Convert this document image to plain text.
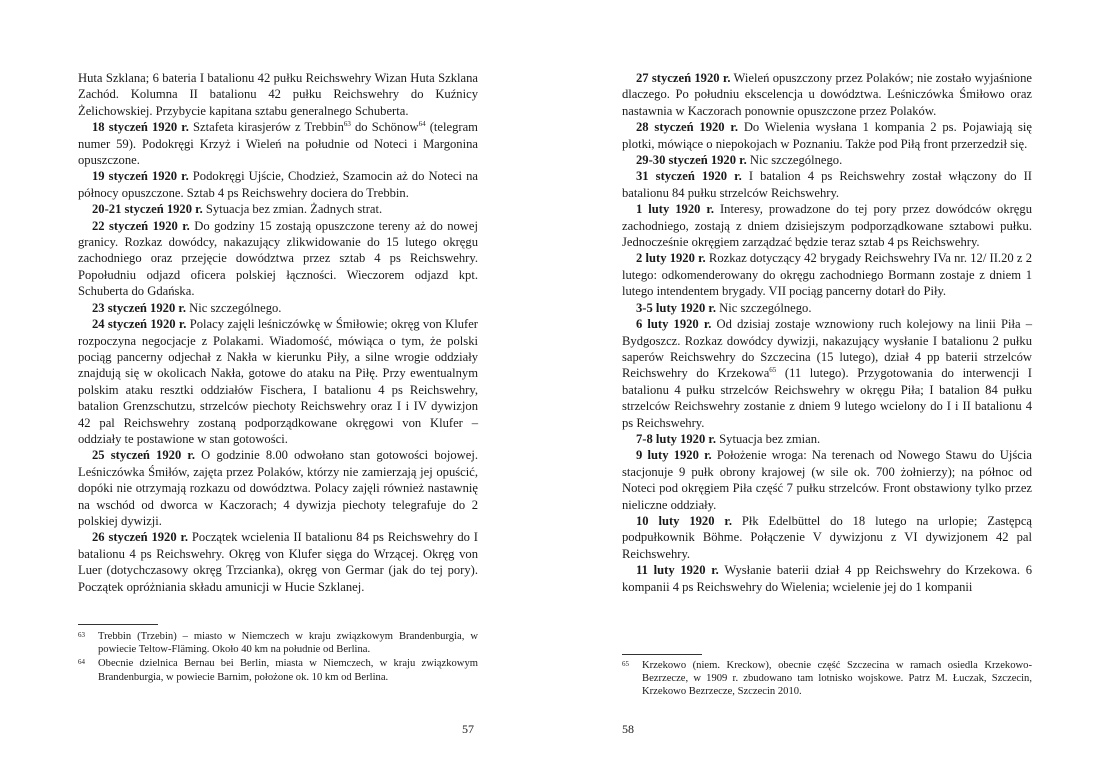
Huta Szklana; 6 bateria I batalionu 42 pułku Reichswehry Wizan Huta Szklana Zachód. Kolumna II batalionu 42 pułku Reichswehry do Kuźnicy Żelichowskiej. Przybycie kapitana sztabu generalnego Schuberta.

18 styczeń 1920 r. Sztafeta kirasjerów z Trebbin$^{63}$ do Schönow$^{64}$ (telegram numer 59). Podokręgi Krzyż i Wieleń na południe od Noteci i Margonina opuszczone.

19 styczeń 1920 r. Podokręgi Ujście, Chodzież, Szamocin aż do Noteci na północy opuszczone. Sztab 4 ps Reichswehry dociera do Trebbin.

20-21 styczeń 1920 r. Sytuacja bez zmian. Żadnych strat.

22 styczeń 1920 r. Do godziny 15 zostają opuszczone tereny aż do nowej granicy. Rozkaz dowódcy, nakazujący zlikwidowanie do 15 lutego okręgu zachodniego oraz przejęcie dowództwa przez sztab 4 ps Reichswehry. Popołudniu odjazd oficera polskiej łączności. Wieczorem odjazd kpt. Schuberta do Gdańska.

23 styczeń 1920 r. Nic szczególnego.

24 styczeń 1920 r. Polacy zajęli leśniczówkę w Śmiłowie; okręg von Klufer rozpoczyna negocjacje z Polakami. Wiadomość, mówiąca o tym, że polski pociąg pancerny odjechał z Nakła w kierunku Piły, a silne wrogie oddziały znajdują się w okolicach Nakła, gotowe do ataku na Piłę. Przy ewentualnym polskim ataku resztki oddziałów Fischera, I batalionu 4 ps Reichswehry, batalion Grenzschutzu, strzelców piechoty Reichswehry oraz I i IV dywizjon 42 pal Reichswehry zostaną podporządkowane okręgowi von Klufer – oddziały te postawione w stan gotowości.

25 styczeń 1920 r. O godzinie 8.00 odwołano stan gotowości bojowej. Leśniczówka Śmiłów, zajęta przez Polaków, którzy nie zamierzają jej opuścić, dopóki nie otrzymają rozkazu od dowództwa. Polacy zajęli również nastawnię na wschód od dworca w Kaczorach; 4 dywizja piechoty telegrafuje do 2 polskiej dywizji.

26 styczeń 1920 r. Początek wcielenia II batalionu 84 ps Reichswehry do I batalionu 4 ps Reichswehry. Okręg von Klufer sięga do Wrzącej. Okręg von Luer (dotychczasowy okręg Trzcianka), okręg von Germar (jak do tej pory). Początek opróżniania składu amunicji w Hucie Szklanej.

63	Trebbin (Trzebin) – miasto w Niemczech w kraju związkowym Brandenburgia, w powiecie Teltow-Fläming. Około 40 km na południe od Berlina.
64	Obecnie dzielnica Bernau bei Berlin, miasta w Niemczech, w kraju związkowym Brandenburgia, w powiecie Barnim, położone ok. 10 km od Berlina.
57

27 styczeń 1920 r. Wieleń opuszczony przez Polaków; nie zostało wyjaśnione dlaczego. Po południu ekscelencja u dowództwa. Leśniczówka Śmiłowo oraz nastawnia w Kaczorach ponownie opuszczone przez Polaków.

28 styczeń 1920 r. Do Wielenia wysłana 1 kompania 2 ps. Pojawiają się plotki, mówiące o niepokojach w Poznaniu. Także pod Piłą front przerzedził się.

29-30 styczeń 1920 r. Nic szczególnego.

31 styczeń 1920 r. I batalion 4 ps Reichswehry został włączony do II batalionu 84 pułku strzelców Reichswehry.

1 luty 1920 r. Interesy, prowadzone do tej pory przez dowódców okręgu zachodniego, zostają z dniem dzisiejszym podporządkowane sztabowi pułku. Jednocześnie okręgiem zarządzać będzie teraz sztab 4 ps Reichswehry.

2 luty 1920 r. Rozkaz dotyczący 42 brygady Reichswehry IVa nr. 12/ II.20 z 2 lutego: odkomenderowany do okręgu zachodniego Bormann zostaje z dniem 1 lutego intendentem brygady. VII pociąg pancerny dotarł do Piły.

3-5 luty 1920 r. Nic szczególnego.

6 luty 1920 r. Od dzisiaj zostaje wznowiony ruch kolejowy na linii Piła – Bydgoszcz. Rozkaz dowódcy dywizji, nakazujący wysłanie I batalionu 2 pułku saperów Reichswehry do Szczecina (15 lutego), dział 4 pp baterii strzelców Reichswehry do Krzekowa$^{65}$ (11 lutego). Przygotowania do interwencji I batalionu 4 pułku strzelców Reichswehry w okręgu Piła; I batalion 84 pułku strzelców Reichswehry zostanie z dniem 9 lutego wcielony do I i II batalionu 4 ps Reichswehry.

7-8 luty 1920 r. Sytuacja bez zmian.

9 luty 1920 r. Położenie wroga: Na terenach od Nowego Stawu do Ujścia stacjonuje 9 pułk obrony krajowej (w sile ok. 700 żołnierzy); na północ od Noteci pod okręgiem Piła część 7 pułku strzelców. Front obstawiony tylko przez nieliczne oddziały.

10 luty 1920 r. Płk Edelbüttel do 18 lutego na urlopie; Zastępcą podpułkownik Böhme. Połączenie V dywizjonu z VI dywizjonem 42 pal Reichswehry.

11 luty 1920 r. Wysłanie baterii dział 4 pp Reichswehry do Krzekowa. 6 kompanii 4 ps Reichswehry do Wielenia; wcielenie jej do 1 kompanii

65	Krzekowo (niem. Kreckow), obecnie część Szczecina w ramach osiedla Krzekowo-Bezrzecze, w 1909 r. zbudowano tam lotnisko wojskowe. Patrz M. Łuczak, Szczecin, Krzekowo Bezrzecze, Szczecin 2010.
58
